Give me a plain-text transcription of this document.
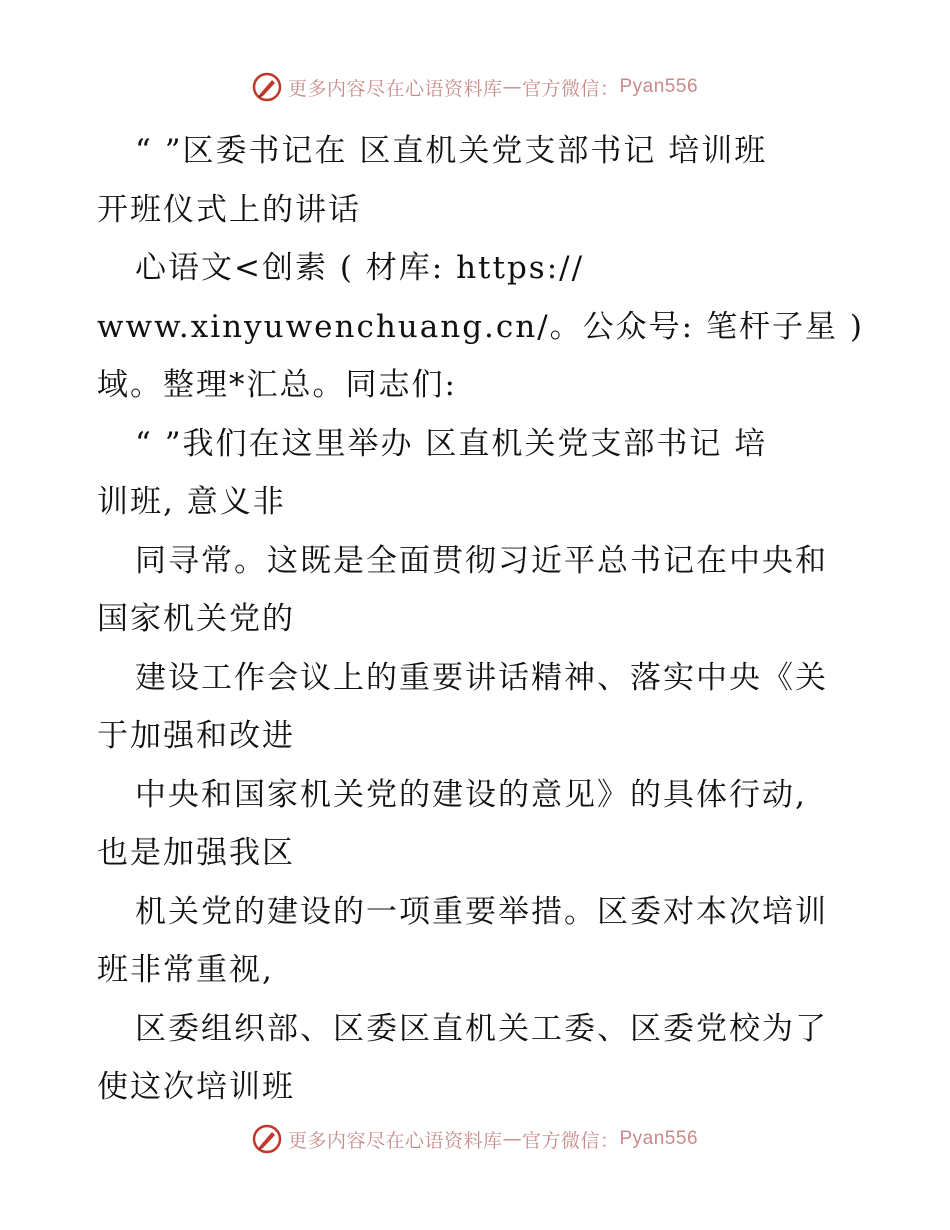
更多内容尽在心语资料库 — 官方微信： Pyan556
“ ”区委书记在 区直机关党支部书记 培训班
开班仪式上的讲话
心语文<创素 ( 材库: https://
www.xinyuwenchuang.cn/。公众号: 笔杆子星 )
域。整理*汇总。同志们:
“ ”我们在这里举办 区直机关党支部书记 培
训班, 意义非
同寻常。这既是全面贯彻习近平总书记在中央和
国家机关党的
建设工作会议上的重要讲话精神、落实中央《关
于加强和改进
中央和国家机关党的建设的意见》的具体行动,
也是加强我区
机关党的建设的一项重要举措。区委对本次培训
班非常重视,
区委组织部、区委区直机关工委、区委党校为了
使这次培训班
更多内容尽在心语资料库 — 官方微信： Pyan556
